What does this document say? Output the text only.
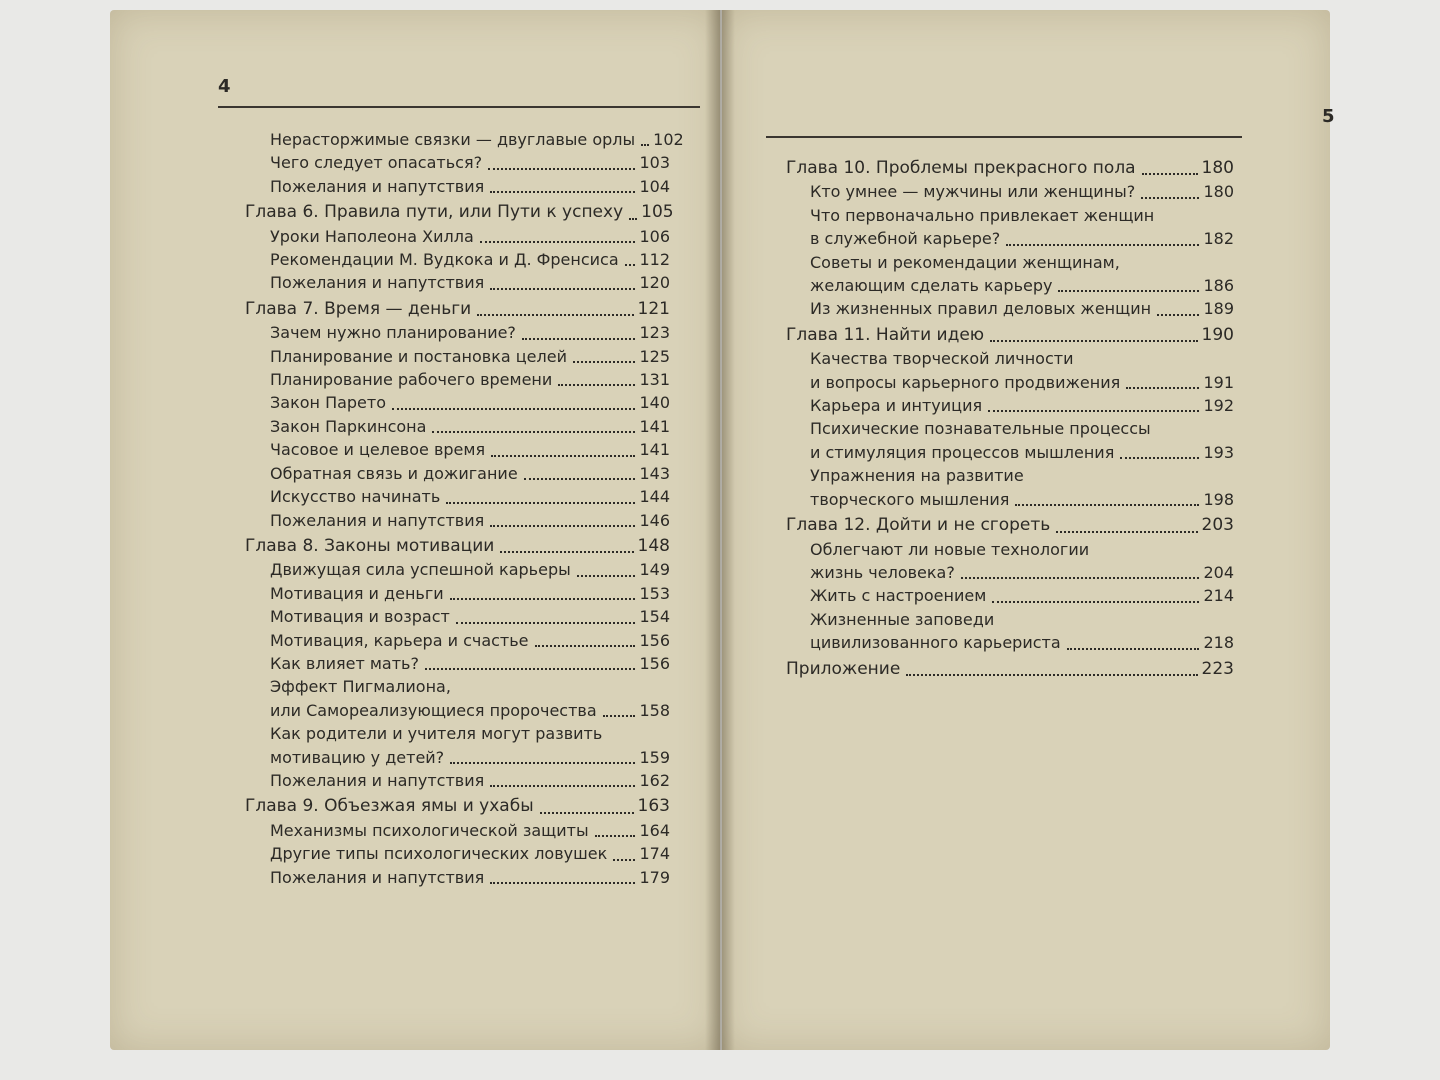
4
Нерасторжимые связки — двуглавые орлы 102
Чего следует опасаться?	103
Пожелания и напутствия	104
Глава 6. Правила пути, или Пути к успеху 105
Уроки Наполеона Хилла	106
Рекомендации М. Вудкока и Д. Френсиса 112
Пожелания и напутствия	120
Глава 7. Время — деньги	121
Зачем нужно планирование?	123
Планирование и постановка целей	125
Планирование рабочего времени	131
Закон Парето	140
Закон Паркинсона	141
Часовое и целевое время	141
Обратная связь и дожигание	143
Искусство начинать	144
Пожелания и напутствия	146
Глава 8. Законы мотивации	148
Движущая сила успешной карьеры	149
Мотивация и деньги	153
Мотивация и возраст	154
Мотивация, карьера и счастье	156
Как влияет мать?	156
Эффект Пигмалиона,
или Самореализующиеся пророчества	158
Как родители и учителя могут развить
мотивацию у детей?	159
Пожелания и напутствия	162
Глава 9. Объезжая ямы и ухабы	163
Механизмы психологической защиты	164
Другие типы психологических ловушек 174
Пожелания и напутствия	179
5
Глава 10. Проблемы прекрасного пола	180
Кто умнее — мужчины или женщины?	180
Что первоначально привлекает женщин
в служебной карьере?	182
Советы и рекомендации женщинам,
желающим сделать карьеру	186
Из жизненных правил деловых женщин	189
Глава 11. Найти идею	190
Качества творческой личности
и вопросы карьерного продвижения	191
Карьера и интуиция	192
Психические познавательные процессы
и стимуляция процессов мышления	193
Упражнения на развитие
творческого мышления	198
Глава 12. Дойти и не сгореть	203
Облегчают ли новые технологии
жизнь человека?	204
Жить с настроением	214
Жизненные заповеди
цивилизованного карьериста	218
Приложение	223
